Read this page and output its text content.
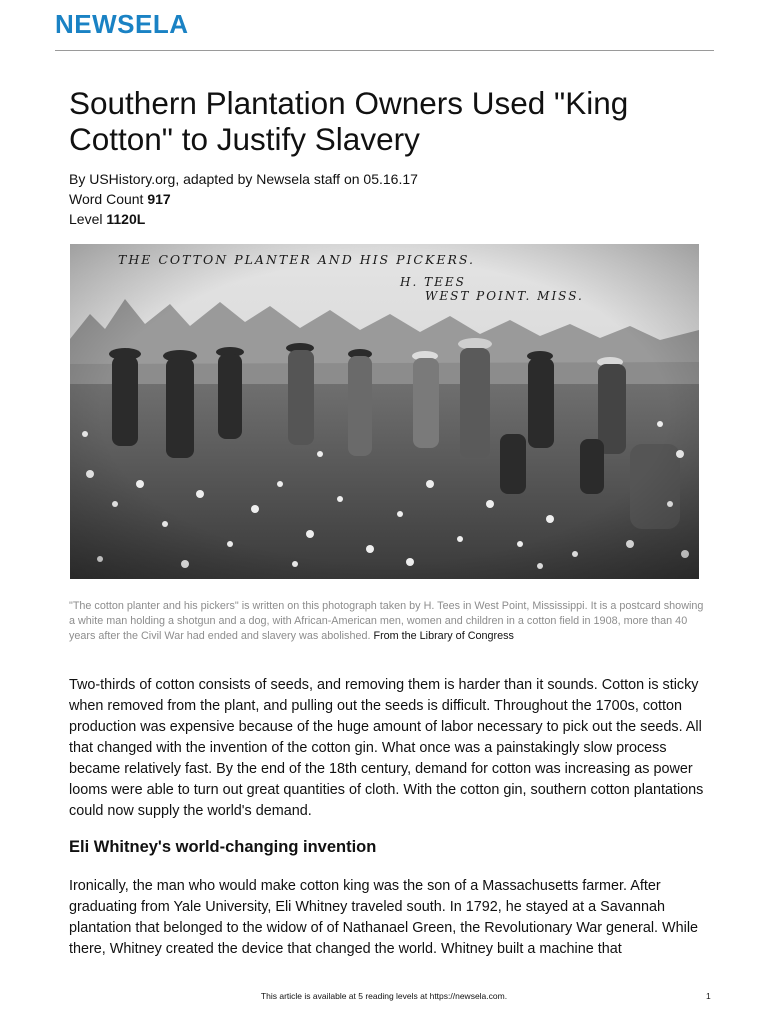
NEWSELA
Southern Plantation Owners Used "King Cotton" to Justify Slavery
By USHistory.org, adapted by Newsela staff on 05.16.17
Word Count 917
Level 1120L
THE COTTON PLANTER AND HIS PICKERS.
H. TEES
WEST POINT. MISS.
"The cotton planter and his pickers" is written on this photograph taken by H. Tees in West Point, Mississippi. It is a postcard showing a white man holding a shotgun and a dog, with African-American men, women and children in a cotton field in 1908, more than 40 years after the Civil War had ended and slavery was abolished. From the Library of Congress

Two-thirds of cotton consists of seeds, and removing them is harder than it sounds. Cotton is sticky when removed from the plant, and pulling out the seeds is difficult. Throughout the 1700s, cotton production was expensive because of the huge amount of labor necessary to pick out the seeds. All that changed with the invention of the cotton gin. What once was a painstakingly slow process became relatively fast. By the end of the 18th century, demand for cotton was increasing as power looms were able to turn out great quantities of cloth. With the cotton gin, southern cotton plantations could now supply the world's demand.

Eli Whitney's world-changing invention

Ironically, the man who would make cotton king was the son of a Massachusetts farmer. After graduating from Yale University, Eli Whitney traveled south. In 1792, he stayed at a Savannah plantation that belonged to the widow of of Nathanael Green, the Revolutionary War general. While there, Whitney created the device that changed the world. Whitney built a machine that

This article is available at 5 reading levels at https://newsela.com.	1
